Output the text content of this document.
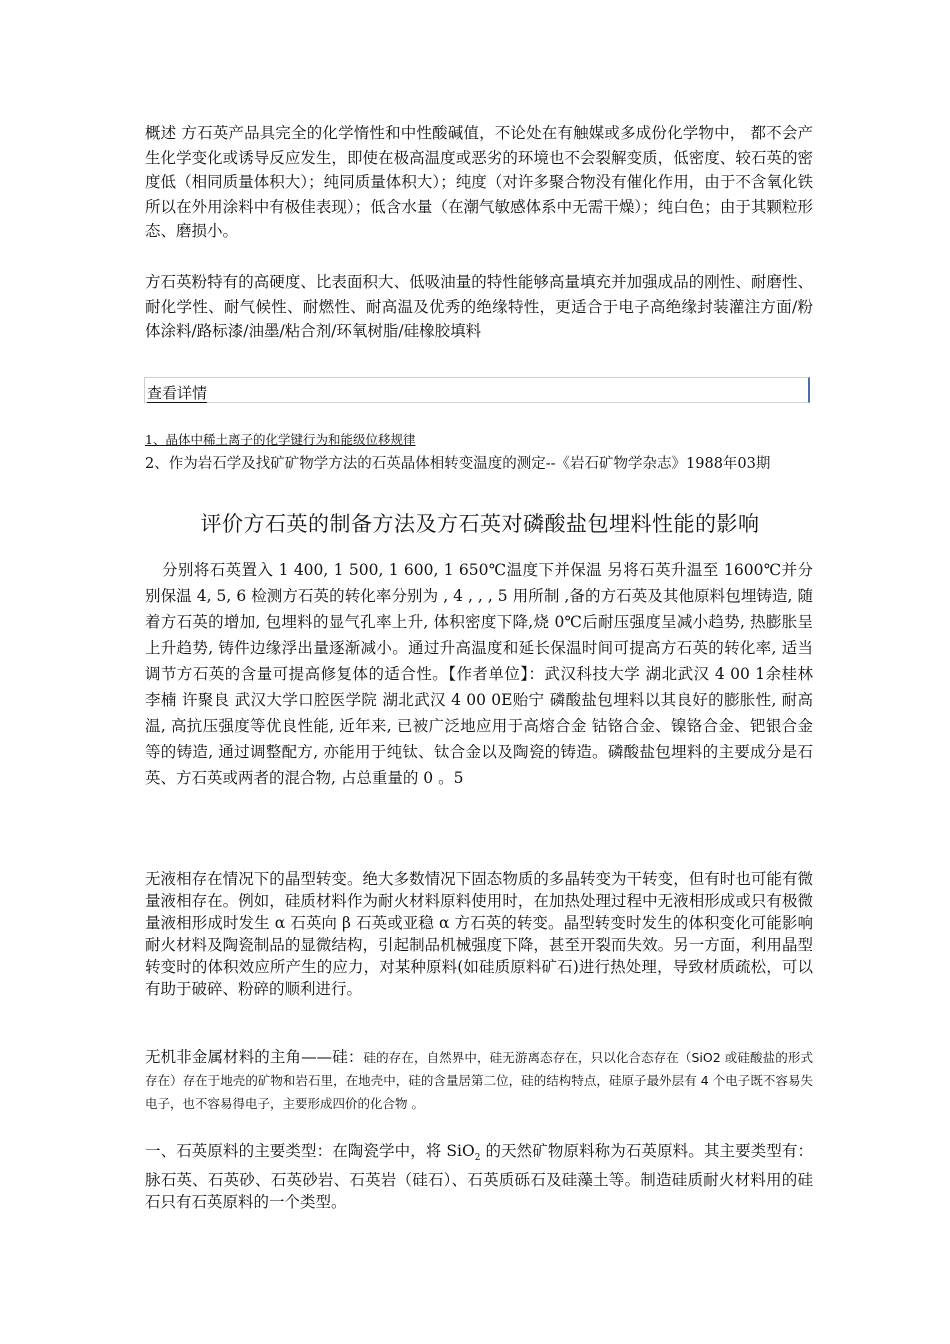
概述 方石英产品具完全的化学惰性和中性酸碱值，不论处在有触媒或多成份化学物中， 都不会产生化学变化或诱导反应发生，即使在极高温度或恶劣的环境也不会裂解变质，低密度、较石英的密度低（相同质量体积大）；纯同质量体积大）；纯度（对许多聚合物没有催化作用，由于不含氧化铁所以在外用涂料中有极佳表现）；低含水量（在潮气敏感体系中无需干燥）；纯白色；由于其颗粒形态、磨损小。

方石英粉特有的高硬度、比表面积大、低吸油量的特性能够高量填充并加强成品的刚性、耐磨性、耐化学性、耐气候性、耐燃性、耐高温及优秀的绝缘特性，更适合于电子高绝缘封装灌注方面/粉体涂料/路标漆/油墨/粘合剂/环氧树脂/硅橡胶填料

查看详情

1、晶体中稀土离子的化学键行为和能级位移规律

2、作为岩石学及找矿矿物学方法的石英晶体相转变温度的测定--《岩石矿物学杂志》1988年03期

评价方石英的制备方法及方石英对磷酸盐包埋料性能的影响

分别将石英置入 1 400, 1 500, 1 600, 1 650℃温度下并保温 另将石英升温至 1600℃并分别保温 4, 5, 6 检测方石英的转化率分别为 , 4 , , , 5 用所制 ,备的方石英及其他原料包埋铸造, 随着方石英的增加, 包埋料的显气孔率上升, 体积密度下降,烧 0℃后耐压强度呈减小趋势, 热膨胀呈上升趋势, 铸件边缘浮出量逐渐减小。通过升高温度和延长保温时间可提高方石英的转化率, 适当调节方石英的含量可提高修复体的适合性。【作者单位】：武汉科技大学 湖北武汉 4 00 1余桂林 李楠 许聚良 武汉大学口腔医学院 湖北武汉 4 00 0E贻宁 磷酸盐包埋料以其良好的膨胀性, 耐高温, 高抗压强度等优良性能, 近年来, 已被广泛地应用于高熔合金 钴铬合金、镍铬合金、钯银合金等的铸造, 通过调整配方, 亦能用于纯钛、钛合金以及陶瓷的铸造。磷酸盐包埋料的主要成分是石英、方石英或两者的混合物, 占总重量的 0 。5

无液相存在情况下的晶型转变。绝大多数情况下固态物质的多晶转变为干转变，但有时也可能有微量液相存在。例如，硅质材料作为耐火材料原料使用时，在加热处理过程中无液相形成或只有极微量液相形成时发生 α 石英向 β 石英或亚稳 α 方石英的转变。晶型转变时发生的体积变化可能影响耐火材料及陶瓷制品的显微结构，引起制品机械强度下降，甚至开裂而失效。另一方面，利用晶型转变时的体积效应所产生的应力，对某种原料(如硅质原料矿石)进行热处理，导致材质疏松，可以有助于破碎、粉碎的顺利进行。

无机非金属材料的主角——硅：硅的存在，自然界中，硅无游离态存在，只以化合态存在（SiO2 或硅酸盐的形式存在）存在于地壳的矿物和岩石里，在地壳中，硅的含量居第二位，硅的结构特点，硅原子最外层有 4 个电子既不容易失电子，也不容易得电子，主要形成四价的化合物 。

一、石英原料的主要类型：在陶瓷学中，将 SiO$_2$ 的天然矿物原料称为石英原料。其主要类型有：脉石英、石英砂、石英砂岩、石英岩（硅石）、石英质砾石及硅藻土等。制造硅质耐火材料用的硅石只有石英原料的一个类型。
